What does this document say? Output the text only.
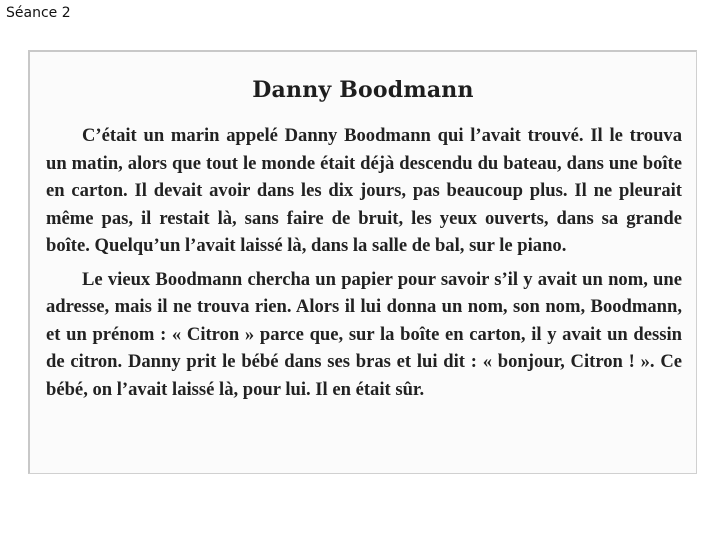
Séance 2
Danny Boodmann

C’était un marin appelé Danny Boodmann qui l’avait trouvé. Il le trouva un matin, alors que tout le monde était déjà descendu du bateau, dans une boîte en carton. Il devait avoir dans les dix jours, pas beaucoup plus. Il ne pleurait même pas, il restait là, sans faire de bruit, les yeux ouverts, dans sa grande boîte. Quelqu’un l’avait laissé là, dans la salle de bal, sur le piano.

Le vieux Boodmann chercha un papier pour savoir s’il y avait un nom, une adresse, mais il ne trouva rien. Alors il lui donna un nom, son nom, Boodmann, et un prénom : « Citron » parce que, sur la boîte en carton, il y avait un dessin de citron. Danny prit le bébé dans ses bras et lui dit : « bonjour, Citron ! ». Ce bébé, on l’avait laissé là, pour lui. Il en était sûr.
